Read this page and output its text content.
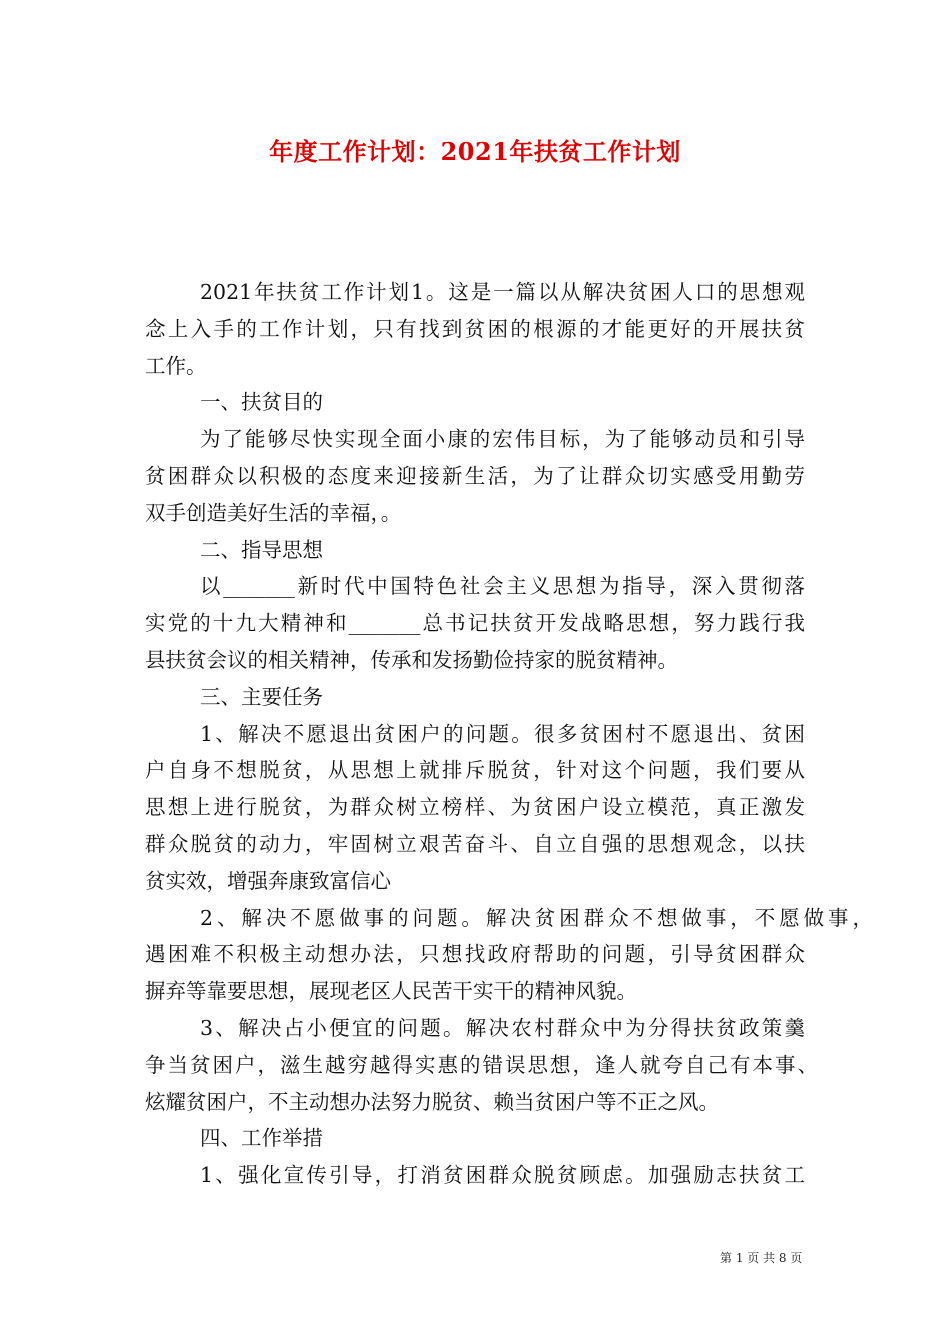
年度工作计划：2021年扶贫工作计划
2021年扶贫工作计划1。这是一篇以从解决贫困人口的思想观
念上入手的工作计划，只有找到贫困的根源的才能更好的开展扶贫
工作。
一、扶贫目的
为了能够尽快实现全面小康的宏伟目标，为了能够动员和引导
贫困群众以积极的态度来迎接新生活，为了让群众切实感受用勤劳
双手创造美好生活的幸福，。
二、指导思想
以_______新时代中国特色社会主义思想为指导，深入贯彻落
实党的十九大精神和_______总书记扶贫开发战略思想，努力践行我
县扶贫会议的相关精神，传承和发扬勤俭持家的脱贫精神。
三、主要任务
1、解决不愿退出贫困户的问题。很多贫困村不愿退出、贫困
户自身不想脱贫，从思想上就排斥脱贫，针对这个问题，我们要从
思想上进行脱贫，为群众树立榜样、为贫困户设立模范，真正激发
群众脱贫的动力，牢固树立艰苦奋斗、自立自强的思想观念，以扶
贫实效，增强奔康致富信心
2、解决不愿做事的问题。解决贫困群众不想做事，不愿做事，
遇困难不积极主动想办法，只想找政府帮助的问题，引导贫困群众
摒弃等靠要思想，展现老区人民苦干实干的精神风貌。
3、解决占小便宜的问题。解决农村群众中为分得扶贫政策羹
争当贫困户，滋生越穷越得实惠的错误思想，逢人就夸自己有本事、
炫耀贫困户，不主动想办法努力脱贫、赖当贫困户等不正之风。
四、工作举措
1、强化宣传引导，打消贫困群众脱贫顾虑。加强励志扶贫工
第 1 页 共 8 页
